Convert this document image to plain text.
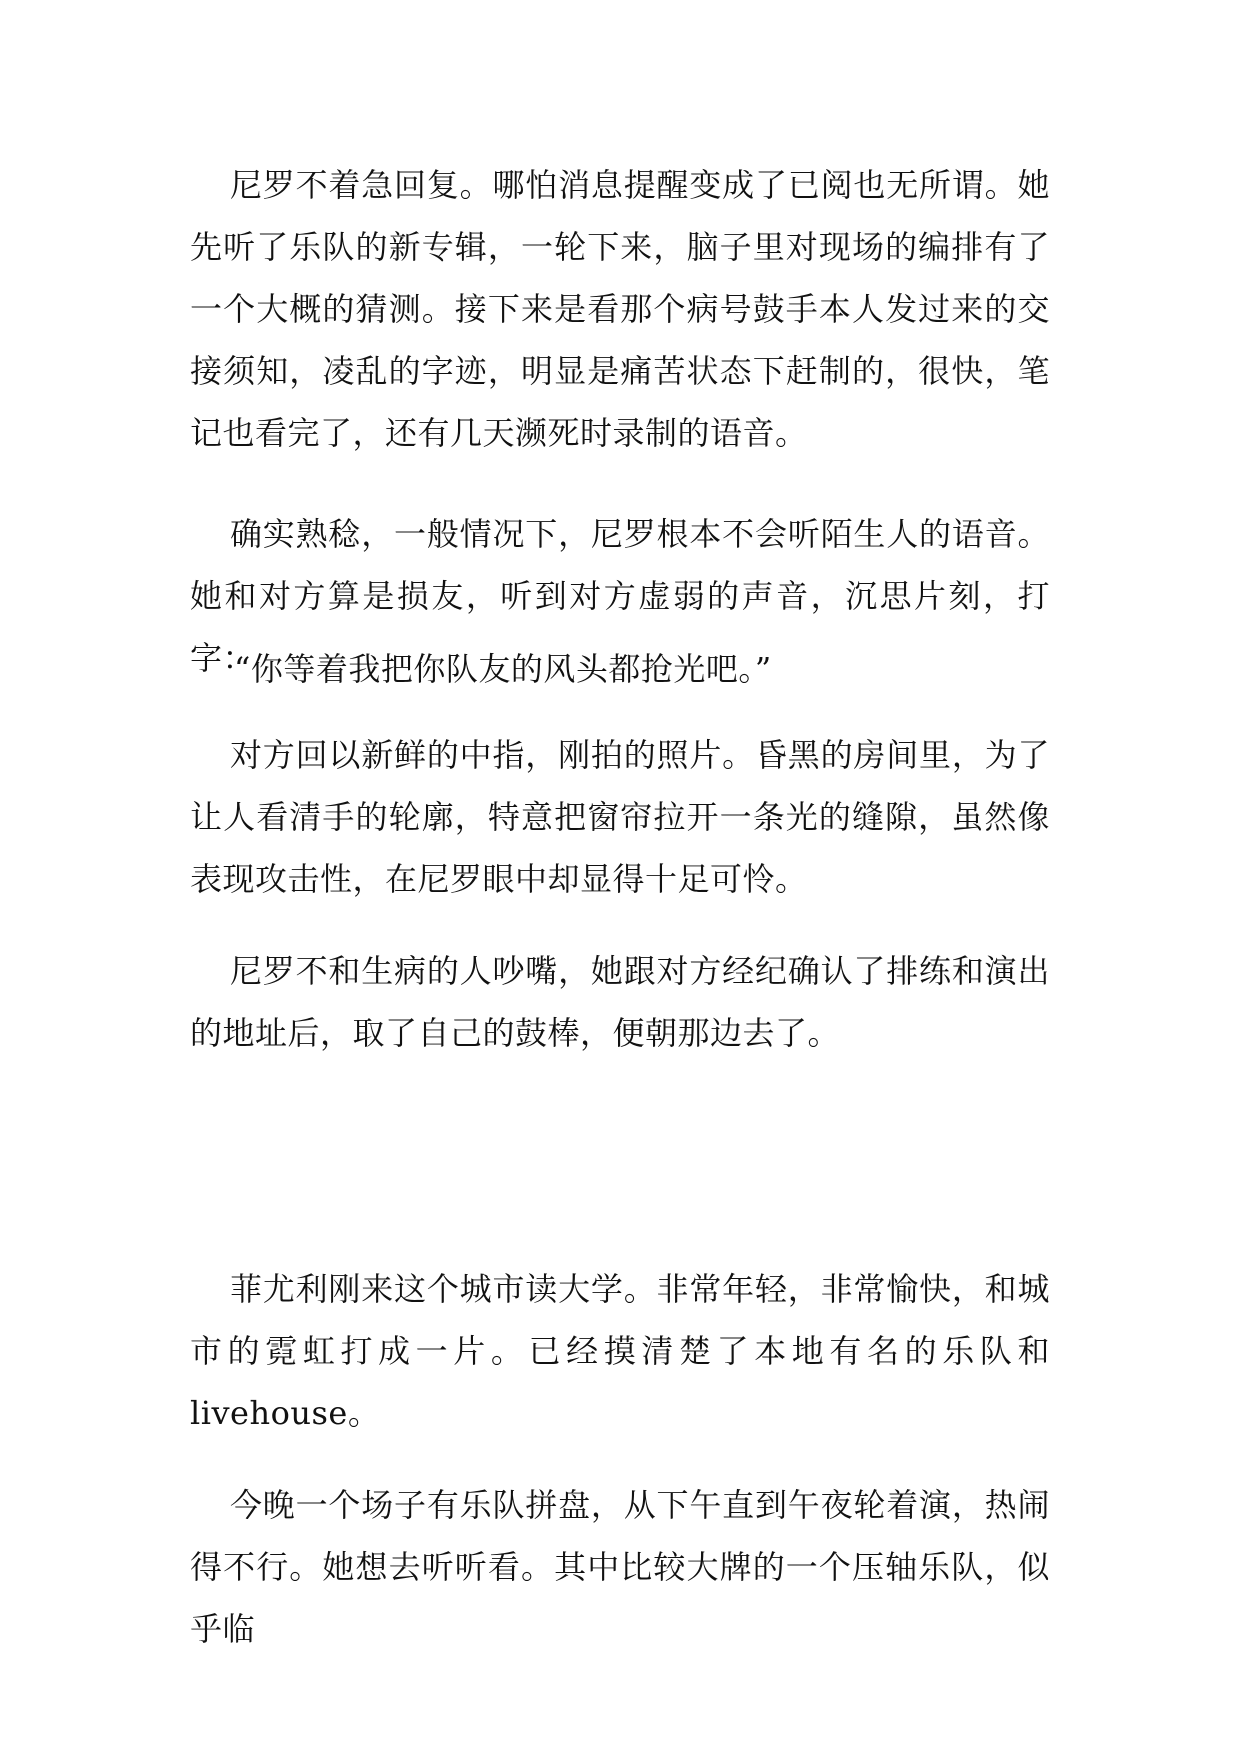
尼罗不着急回复。哪怕消息提醒变成了已阅也无所谓。她先听了乐队的新专辑，一轮下来，脑子里对现场的编排有了一个大概的猜测。接下来是看那个病号鼓手本人发过来的交接须知，凌乱的字迹，明显是痛苦状态下赶制的，很快，笔记也看完了，还有几天濒死时录制的语音。

确实熟稔，一般情况下，尼罗根本不会听陌生人的语音。她和对方算是损友，听到对方虚弱的声音，沉思片刻，打字：

“你等着我把你队友的风头都抢光吧。”

对方回以新鲜的中指，刚拍的照片。昏黑的房间里，为了让人看清手的轮廓，特意把窗帘拉开一条光的缝隙，虽然像表现攻击性，在尼罗眼中却显得十足可怜。

尼罗不和生病的人吵嘴，她跟对方经纪确认了排练和演出的地址后，取了自己的鼓棒，便朝那边去了。

菲尤利刚来这个城市读大学。非常年轻，非常愉快，和城市的霓虹打成一片。已经摸清楚了本地有名的乐队和livehouse。

今晚一个场子有乐队拼盘，从下午直到午夜轮着演，热闹得不行。她想去听听看。其中比较大牌的一个压轴乐队，似乎临
